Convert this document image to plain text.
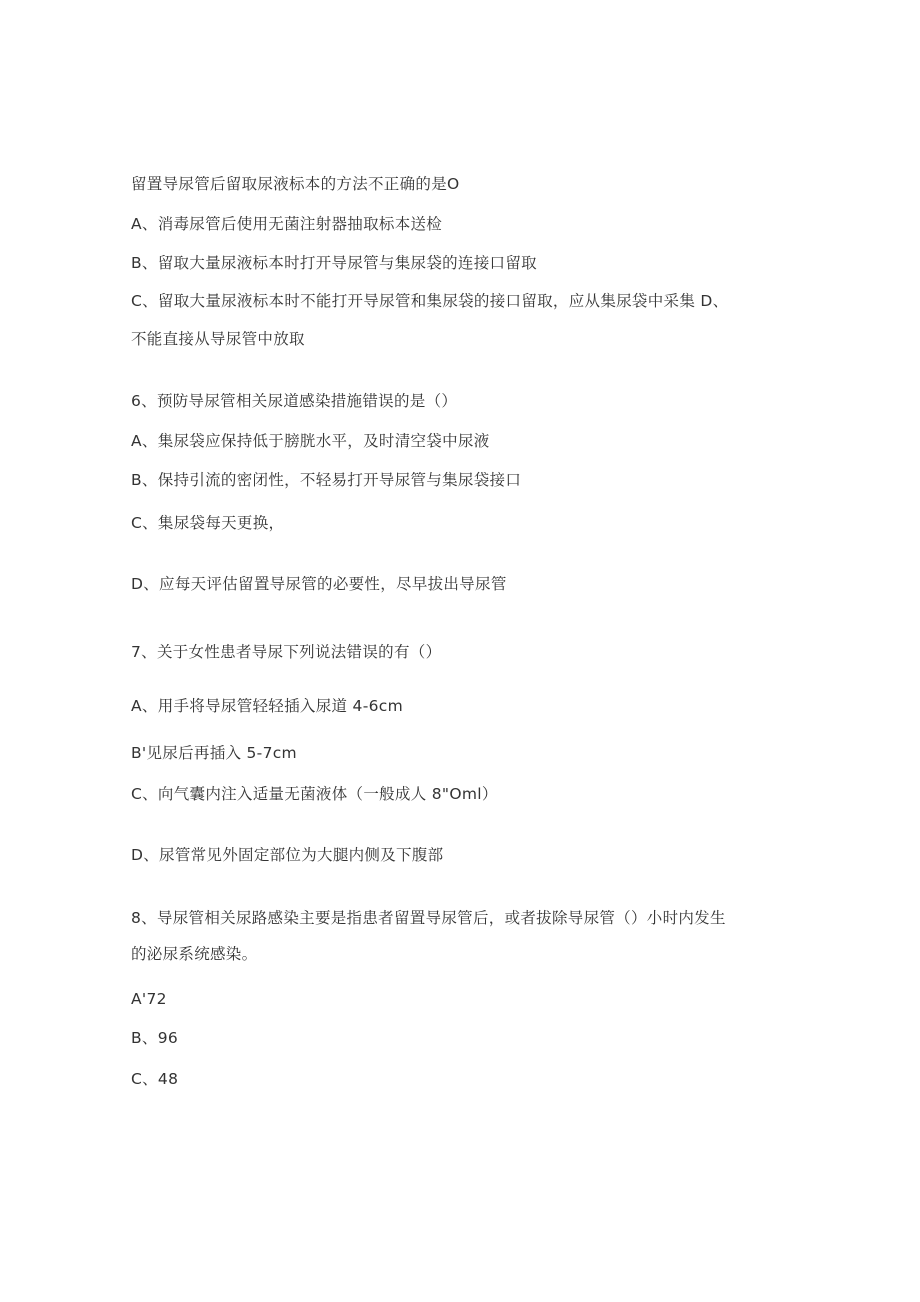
留置导尿管后留取尿液标本的方法不正确的是O
A、消毒尿管后使用无菌注射器抽取标本送检
B、留取大量尿液标本时打开导尿管与集尿袋的连接口留取
C、留取大量尿液标本时不能打开导尿管和集尿袋的接口留取，应从集尿袋中采集 D、
不能直接从导尿管中放取
6、预防导尿管相关尿道感染措施错误的是（）
A、集尿袋应保持低于膀胱水平，及时清空袋中尿液
B、保持引流的密闭性，不轻易打开导尿管与集尿袋接口
C、集尿袋每天更换，
D、应每天评估留置导尿管的必要性，尽早拔出导尿管
7、关于女性患者导尿下列说法错误的有（）
A、用手将导尿管轻轻插入尿道 4-6cm
B'见尿后再插入 5-7cm
C、向气囊内注入适量无菌液体（一般成人 8"Oml）
D、尿管常见外固定部位为大腿内侧及下腹部
8、导尿管相关尿路感染主要是指患者留置导尿管后，或者拔除导尿管（）小时内发生
的泌尿系统感染。
A'72
B、96
C、48
